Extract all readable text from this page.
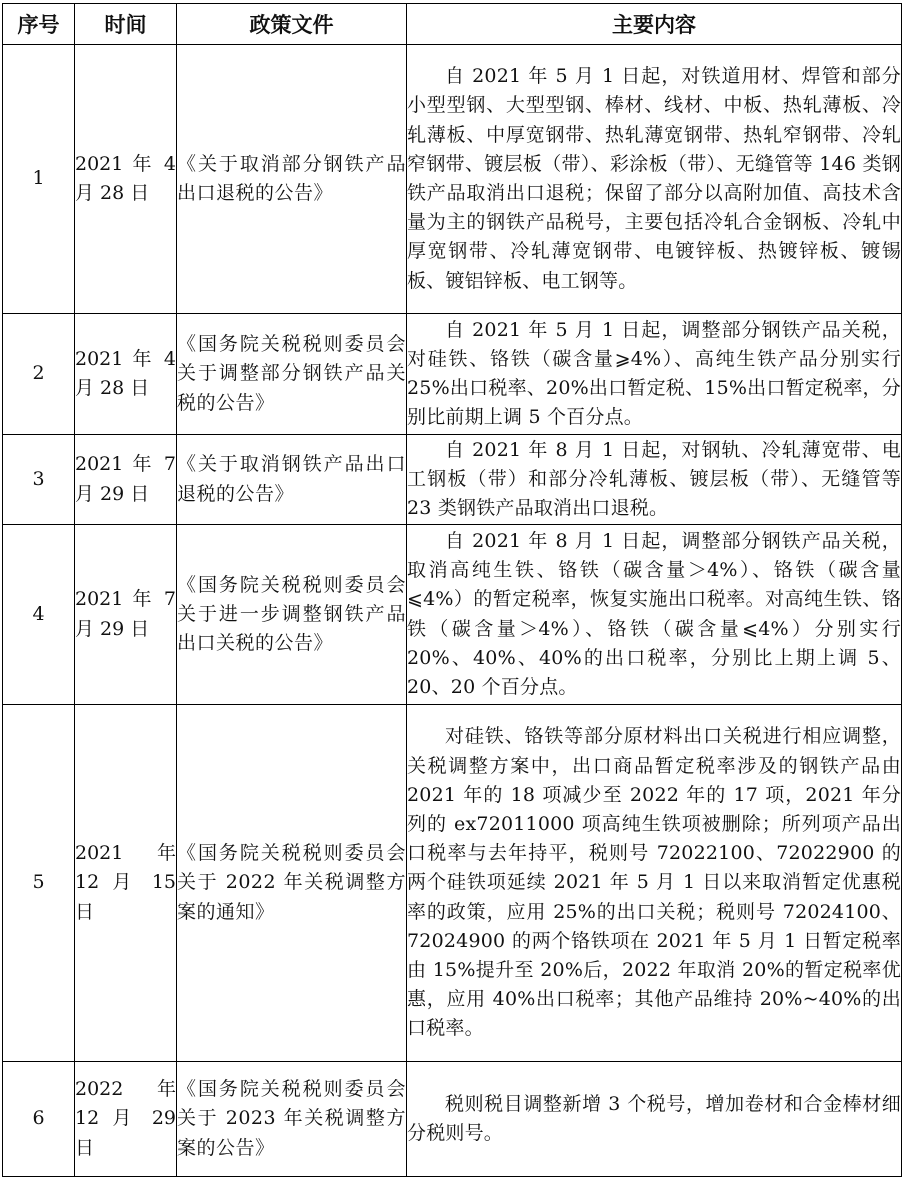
序号	时间	政策文件	主要内容
1	2021 年 4 月 28 日	《关于取消部分钢铁产品出口退税的公告》	自 2021 年 5 月 1 日起，对铁道用材、焊管和部分小型型钢、大型型钢、棒材、线材、中板、热轧薄板、冷轧薄板、中厚宽钢带、热轧薄宽钢带、热轧窄钢带、冷轧窄钢带、镀层板（带）、彩涂板（带）、无缝管等 146 类钢铁产品取消出口退税；保留了部分以高附加值、高技术含量为主的钢铁产品税号，主要包括冷轧合金钢板、冷轧中厚宽钢带、冷轧薄宽钢带、电镀锌板、热镀锌板、镀锡板、镀铝锌板、电工钢等。
2	2021 年 4 月 28 日	《国务院关税税则委员会关于调整部分钢铁产品关税的公告》	自 2021 年 5 月 1 日起，调整部分钢铁产品关税，对硅铁、铬铁（碳含量⩾4%）、高纯生铁产品分别实行 25%出口税率、20%出口暂定税、15%出口暂定税率，分别比前期上调 5 个百分点。
3	2021 年 7 月 29 日	《关于取消钢铁产品出口退税的公告》	自 2021 年 8 月 1 日起，对钢轨、冷轧薄宽带、电工钢板（带）和部分冷轧薄板、镀层板（带）、无缝管等 23 类钢铁产品取消出口退税。
4	2021 年 7 月 29 日	《国务院关税税则委员会关于进一步调整钢铁产品出口关税的公告》	自 2021 年 8 月 1 日起，调整部分钢铁产品关税，取消高纯生铁、铬铁（碳含量＞4%）、铬铁（碳含量⩽4%）的暂定税率，恢复实施出口税率。对高纯生铁、铬铁（碳含量＞4%）、铬铁（碳含量⩽4%）分别实行 20%、40%、40%的出口税率，分别比上期上调 5、20、20 个百分点。
5	2021 年 12 月 15 日	《国务院关税税则委员会关于 2022 年关税调整方案的通知》	对硅铁、铬铁等部分原材料出口关税进行相应调整，关税调整方案中，出口商品暂定税率涉及的钢铁产品由 2021 年的 18 项减少至 2022 年的 17 项，2021 年分列的 ex72011000 项高纯生铁项被删除；所列项产品出口税率与去年持平，税则号 72022100、72022900 的两个硅铁项延续 2021 年 5 月 1 日以来取消暂定优惠税率的政策，应用 25%的出口关税；税则号 72024100、72024900 的两个铬铁项在 2021 年 5 月 1 日暂定税率由 15%提升至 20%后，2022 年取消 20%的暂定税率优惠，应用 40%出口税率；其他产品维持 20%~40%的出口税率。
6	2022 年 12 月 29 日	《国务院关税税则委员会关于 2023 年关税调整方案的公告》	税则税目调整新增 3 个税号，增加卷材和合金棒材细分税则号。
